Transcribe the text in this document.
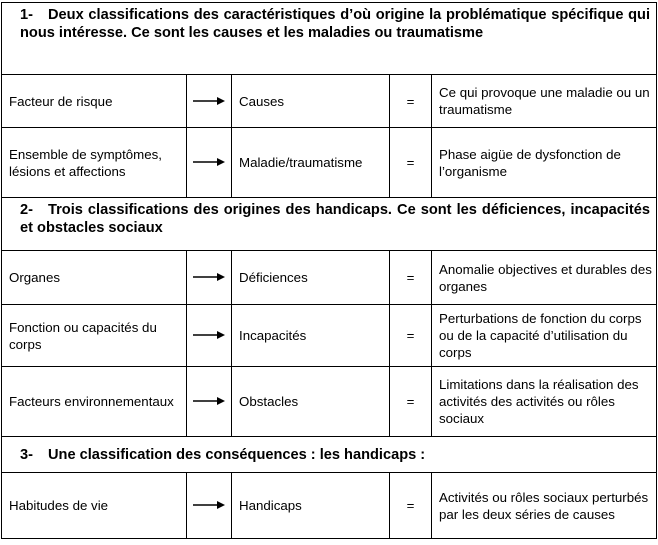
1- Deux classifications des caractéristiques d’où origine la problématique spécifique qui nous intéresse. Ce sont les causes et les maladies ou traumatisme				

Facteur de risque		Causes	=	Ce qui provoque une maladie ou un traumatisme
Ensemble de symptômes, lésions et affections		Maladie/traumatisme	=	Phase aigüe de dysfonction de l’organisme

2- Trois classifications des origines des handicaps. Ce sont les déficiences, incapacités et obstacles sociaux				

Organes		Déficiences	=	Anomalie objectives et durables des organes
Fonction ou capacités du corps		Incapacités	=	Perturbations de fonction du corps ou de la capacité d’utilisation du corps
Facteurs environnementaux		Obstacles	=	Limitations dans la réalisation des activités des activités ou rôles sociaux

3- Une classification des conséquences : les handicaps :				

Habitudes de vie		Handicaps	=	Activités ou rôles sociaux perturbés par les deux séries de causes
